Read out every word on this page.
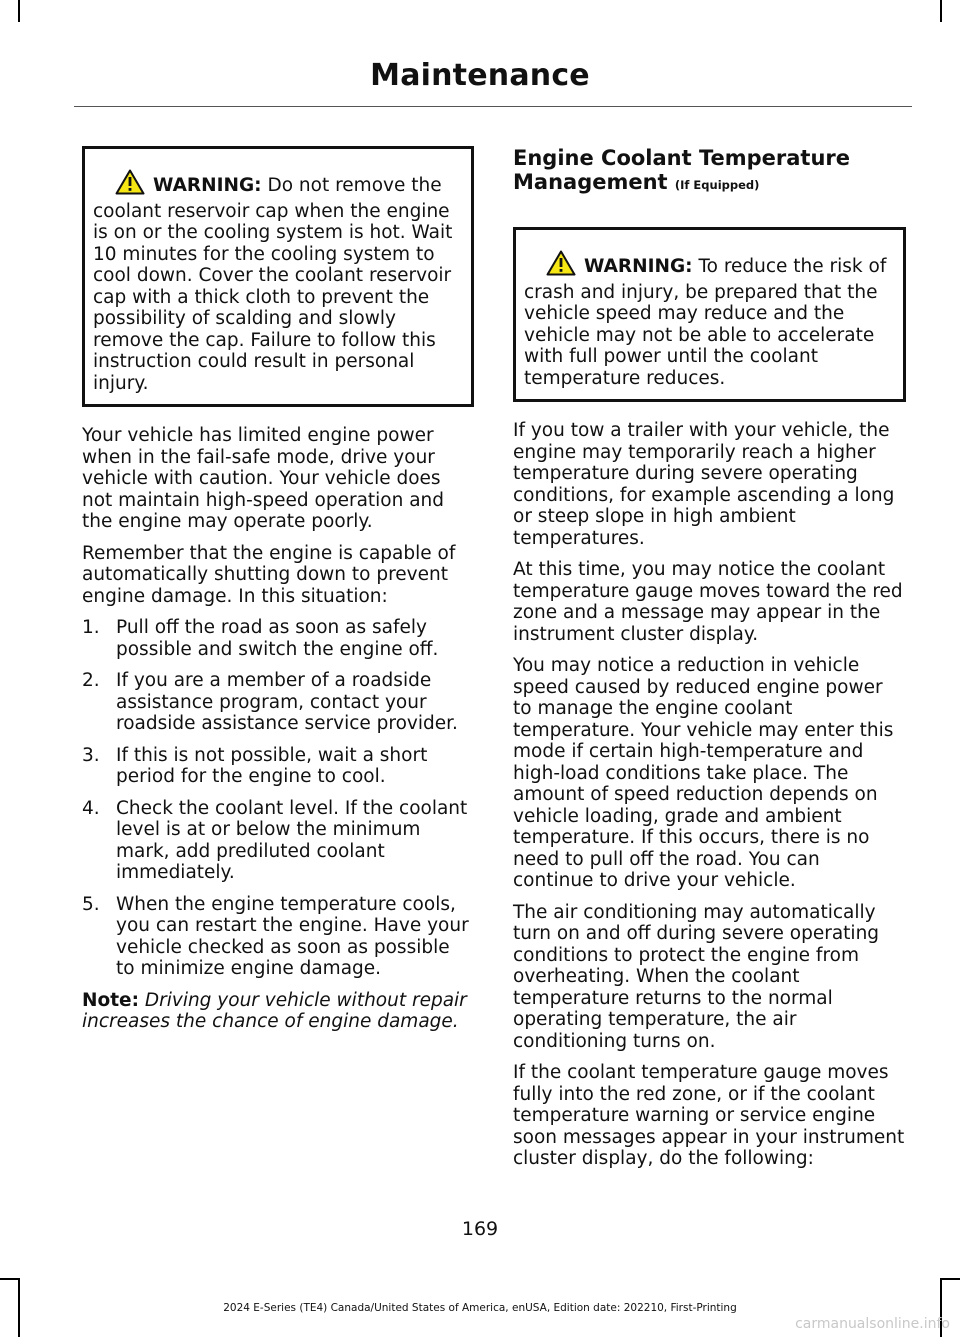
Maintenance

WARNING: Do not remove the coolant reservoir cap when the engine is on or the cooling system is hot. Wait 10 minutes for the cooling system to cool down. Cover the coolant reservoir cap with a thick cloth to prevent the possibility of scalding and slowly remove the cap. Failure to follow this instruction could result in personal injury.

Your vehicle has limited engine power when in the fail-safe mode, drive your vehicle with caution. Your vehicle does not maintain high-speed operation and the engine may operate poorly.

Remember that the engine is capable of automatically shutting down to prevent engine damage. In this situation:

1. Pull off the road as soon as safely possible and switch the engine off.
2. If you are a member of a roadside assistance program, contact your roadside assistance service provider.
3. If this is not possible, wait a short period for the engine to cool.
4. Check the coolant level. If the coolant level is at or below the minimum mark, add prediluted coolant immediately.
5. When the engine temperature cools, you can restart the engine. Have your vehicle checked as soon as possible to minimize engine damage.

Note: Driving your vehicle without repair increases the chance of engine damage.

Engine Coolant Temperature Management (If Equipped)

WARNING: To reduce the risk of crash and injury, be prepared that the vehicle speed may reduce and the vehicle may not be able to accelerate with full power until the coolant temperature reduces.

If you tow a trailer with your vehicle, the engine may temporarily reach a higher temperature during severe operating conditions, for example ascending a long or steep slope in high ambient temperatures.

At this time, you may notice the coolant temperature gauge moves toward the red zone and a message may appear in the instrument cluster display.

You may notice a reduction in vehicle speed caused by reduced engine power to manage the engine coolant temperature. Your vehicle may enter this mode if certain high-temperature and high-load conditions take place. The amount of speed reduction depends on vehicle loading, grade and ambient temperature. If this occurs, there is no need to pull off the road. You can continue to drive your vehicle.

The air conditioning may automatically turn on and off during severe operating conditions to protect the engine from overheating. When the coolant temperature returns to the normal operating temperature, the air conditioning turns on.

If the coolant temperature gauge moves fully into the red zone, or if the coolant temperature warning or service engine soon messages appear in your instrument cluster display, do the following:

169
2024 E-Series (TE4) Canada/United States of America, enUSA, Edition date: 202210, First-Printing
carmanualsonline.info
